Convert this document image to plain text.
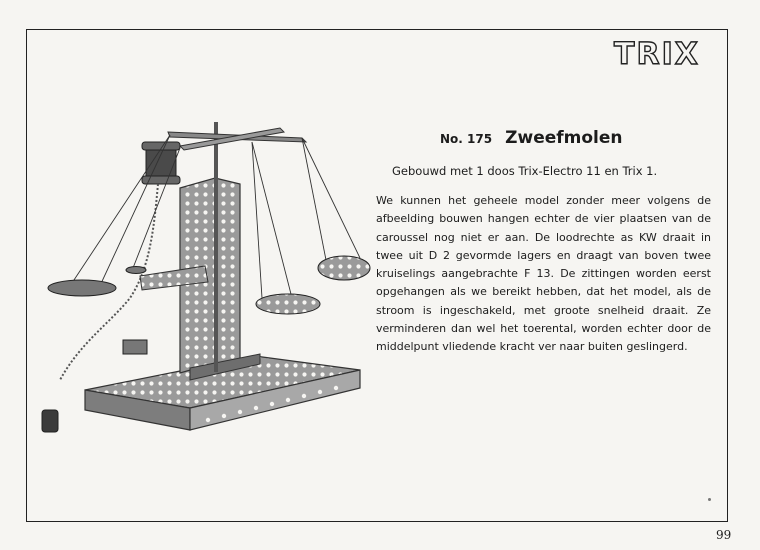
TRIX
No. 175 Zweefmolen
Gebouwd met 1 doos Trix-Electro 11 en Trix 1.
We kunnen het geheele model zonder meer volgens de afbeelding bouwen hangen echter de vier plaatsen van de caroussel nog niet er aan. De loodrechte as KW draait in twee uit D 2 gevormde lagers en draagt van boven twee kruiselings aangebrachte F 13. De zittingen worden eerst opgehangen als we bereikt hebben, dat het model, als de stroom is ingeschakeld, met groote snelheid draait. Ze verminderen dan wel het toerental, worden echter door de middelpunt vliedende kracht ver naar buiten geslingerd.
99
